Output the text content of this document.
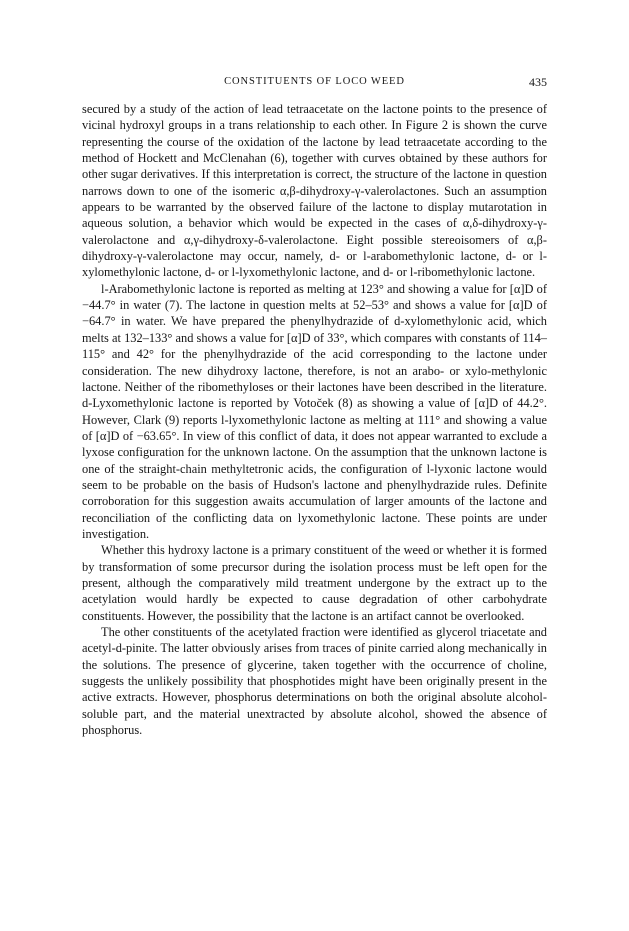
CONSTITUENTS OF LOCO WEED	435

secured by a study of the action of lead tetraacetate on the lactone points to the presence of vicinal hydroxyl groups in a trans relationship to each other. In Figure 2 is shown the curve representing the course of the oxidation of the lactone by lead tetraacetate according to the method of Hockett and McClenahan (6), together with curves obtained by these authors for other sugar derivatives. If this interpretation is correct, the structure of the lactone in question narrows down to one of the isomeric α,β-dihydroxy-γ-valerolactones. Such an assumption appears to be warranted by the observed failure of the lactone to display mutarotation in aqueous solution, a behavior which would be expected in the cases of α,δ-dihydroxy-γ-valerolactone and α,γ-dihydroxy-δ-valerolactone. Eight possible stereoisomers of α,β-dihydroxy-γ-valerolactone may occur, namely, d- or l-arabomethylonic lactone, d- or l-xylomethylonic lactone, d- or l-lyxomethylonic lactone, and d- or l-ribomethylonic lactone.

l-Arabomethylonic lactone is reported as melting at 123° and showing a value for [α]D of −44.7° in water (7). The lactone in question melts at 52–53° and shows a value for [α]D of −64.7° in water. We have prepared the phenylhydrazide of d-xylomethylonic acid, which melts at 132–133° and shows a value for [α]D of 33°, which compares with constants of 114–115° and 42° for the phenylhydrazide of the acid corresponding to the lactone under consideration. The new dihydroxy lactone, therefore, is not an arabo- or xylo-methylonic lactone. Neither of the ribomethyloses or their lactones have been described in the literature. d-Lyxomethylonic lactone is reported by Votoček (8) as showing a value of [α]D of 44.2°. However, Clark (9) reports l-lyxomethylonic lactone as melting at 111° and showing a value of [α]D of −63.65°. In view of this conflict of data, it does not appear warranted to exclude a lyxose configuration for the unknown lactone. On the assumption that the unknown lactone is one of the straight-chain methyltetronic acids, the configuration of l-lyxonic lactone would seem to be probable on the basis of Hudson's lactone and phenylhydrazide rules. Definite corroboration for this suggestion awaits accumulation of larger amounts of the lactone and reconciliation of the conflicting data on lyxomethylonic lactone. These points are under investigation.

Whether this hydroxy lactone is a primary constituent of the weed or whether it is formed by transformation of some precursor during the isolation process must be left open for the present, although the comparatively mild treatment undergone by the extract up to the acetylation would hardly be expected to cause degradation of other carbohydrate constituents. However, the possibility that the lactone is an artifact cannot be overlooked.

The other constituents of the acetylated fraction were identified as glycerol triacetate and acetyl-d-pinite. The latter obviously arises from traces of pinite carried along mechanically in the solutions. The presence of glycerine, taken together with the occurrence of choline, suggests the unlikely possibility that phosphotides might have been originally present in the active extracts. However, phosphorus determinations on both the original absolute alcohol-soluble part, and the material unextracted by absolute alcohol, showed the absence of phosphorus.
